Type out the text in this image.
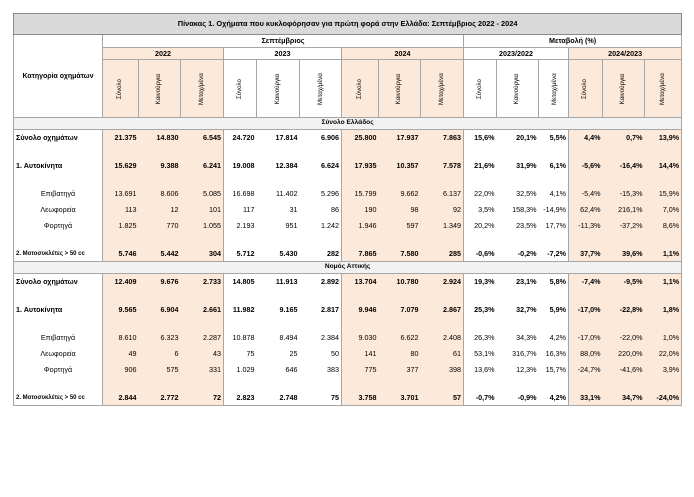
Πίνακας 1. Οχήματα που κυκλοφόρησαν για πρώτη φορά στην Ελλάδα: Σεπτέμβριος 2022 - 2024															
Κατηγορία οχημάτων	Σεπτέμβριος									Μεταβολή (%)					
	2022			2023			2024			2023/2022			2024/2023		
	Σύνολο	Καινούργια	Μεταχ/μένα	Σύνολο	Καινούργια	Μεταχ/μένα	Σύνολο	Καινούργια	Μεταχ/μένα	Σύνολο	Καινούργια	Μεταχ/μένα	Σύνολο	Καινούργια	Μεταχ/μένα
Σύνολο Ελλάδος															
Σύνολο οχημάτων	21.375	14.830	6.545	24.720	17.814	6.906	25.800	17.937	7.863	15,6%	20,1%	5,5%	4,4%	0,7%	13,9%

1. Αυτοκίνητα	15.629	9.388	6.241	19.008	12.384	6.624	17.935	10.357	7.578	21,6%	31,9%	6,1%	-5,6%	-16,4%	14,4%

Επιβατηγά	13.691	8.606	5.085	16.698	11.402	5.296	15.799	9.662	6.137	22,0%	32,5%	4,1%	-5,4%	-15,3%	15,9%
Λεωφορεία	113	12	101	117	31	86	190	98	92	3,5%	158,3%	-14,9%	62,4%	216,1%	7,0%
Φορτηγά	1.825	770	1.055	2.193	951	1.242	1.946	597	1.349	20,2%	23,5%	17,7%	-11,3%	-37,2%	8,6%

2. Μοτοσυκλέτες > 50 cc	5.746	5.442	304	5.712	5.430	282	7.865	7.580	285	-0,6%	-0,2%	-7,2%	37,7%	39,6%	1,1%
Νομός Αττικής															
Σύνολο οχημάτων	12.409	9.676	2.733	14.805	11.913	2.892	13.704	10.780	2.924	19,3%	23,1%	5,8%	-7,4%	-9,5%	1,1%

1. Αυτοκίνητα	9.565	6.904	2.661	11.982	9.165	2.817	9.946	7.079	2.867	25,3%	32,7%	5,9%	-17,0%	-22,8%	1,8%

Επιβατηγά	8.610	6.323	2.287	10.878	8.494	2.384	9.030	6.622	2.408	26,3%	34,3%	4,2%	-17,0%	-22,0%	1,0%
Λεωφορεία	49	6	43	75	25	50	141	80	61	53,1%	316,7%	16,3%	88,0%	220,0%	22,0%
Φορτηγά	906	575	331	1.029	646	383	775	377	398	13,6%	12,3%	15,7%	-24,7%	-41,6%	3,9%

2. Μοτοσυκλέτες > 50 cc	2.844	2.772	72	2.823	2.748	75	3.758	3.701	57	-0,7%	-0,9%	4,2%	33,1%	34,7%	-24,0%
